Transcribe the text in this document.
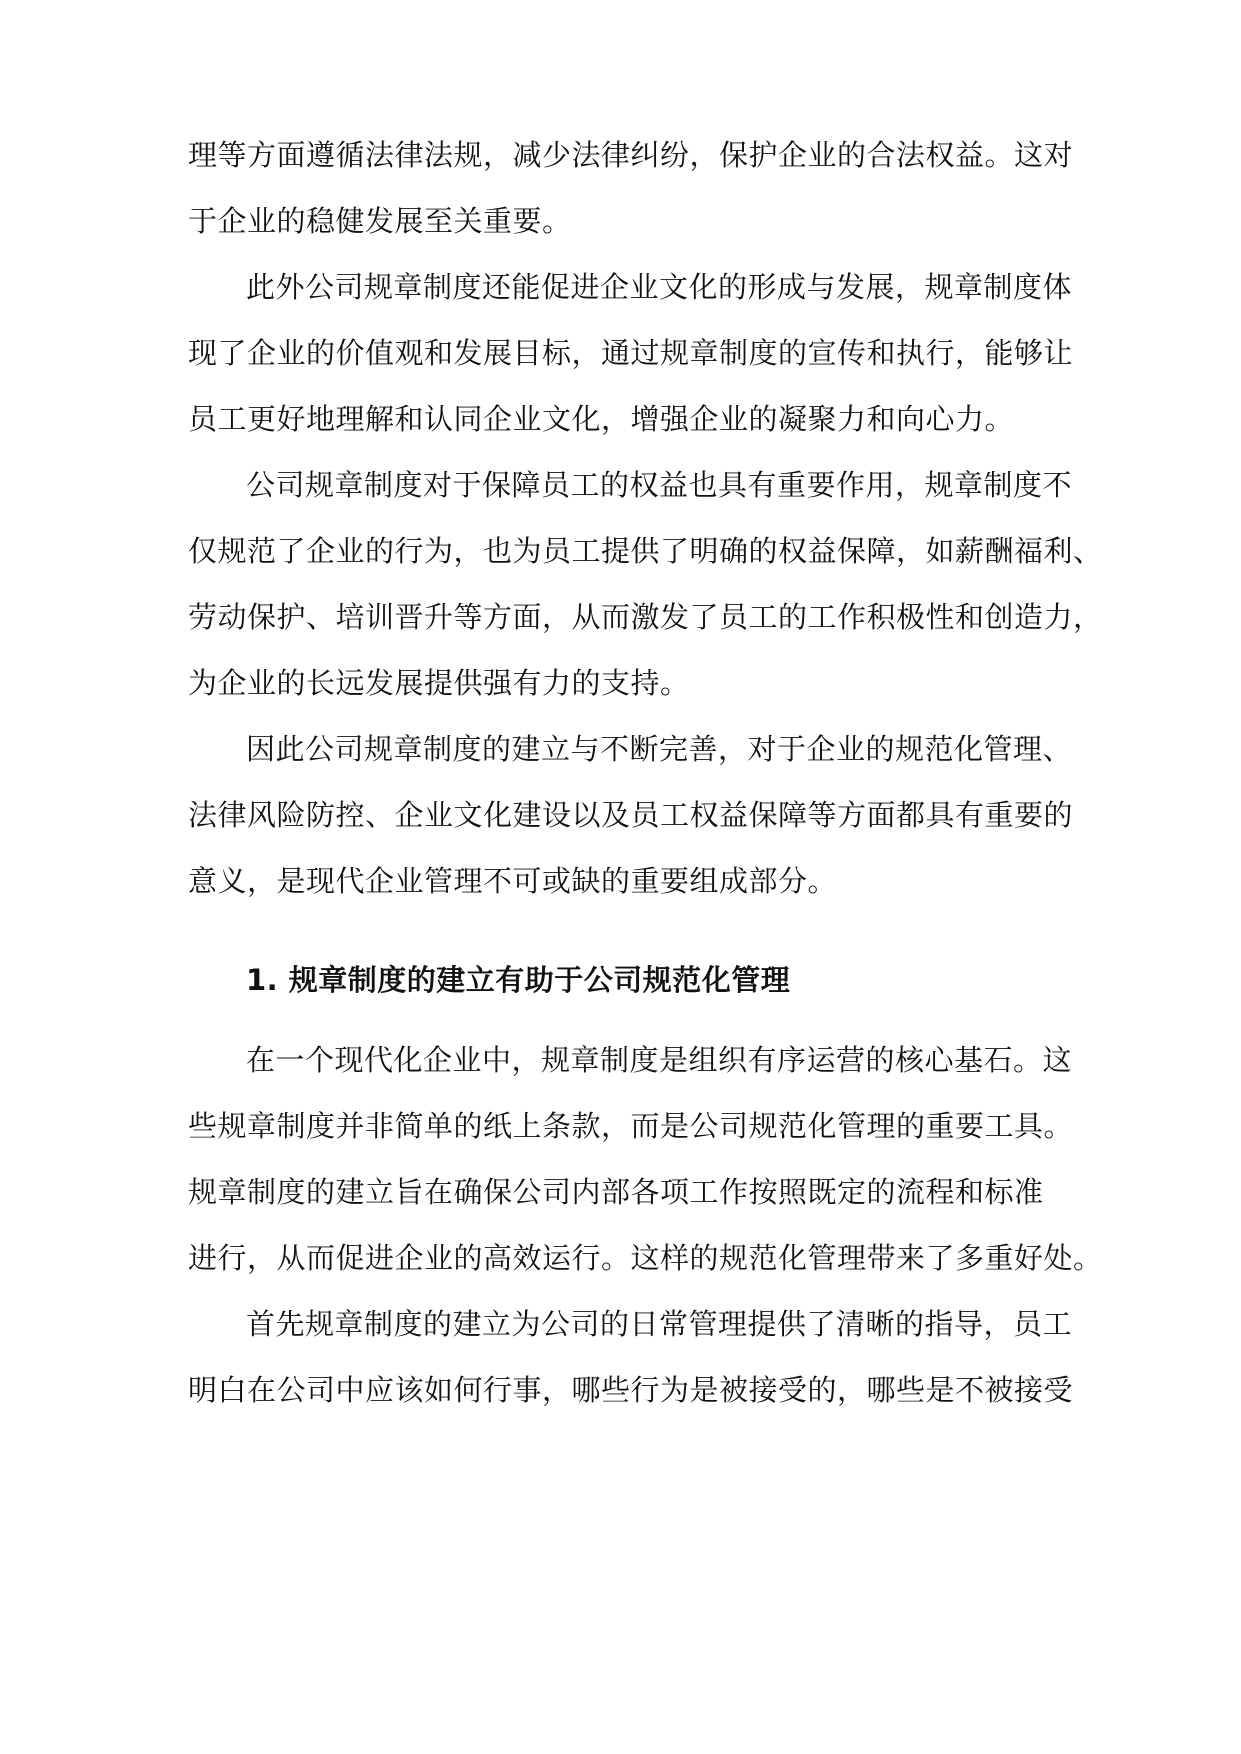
理等方面遵循法律法规，减少法律纠纷，保护企业的合法权益。这对
于企业的稳健发展至关重要。
此外公司规章制度还能促进企业文化的形成与发展，规章制度体
现了企业的价值观和发展目标，通过规章制度的宣传和执行，能够让
员工更好地理解和认同企业文化，增强企业的凝聚力和向心力。
公司规章制度对于保障员工的权益也具有重要作用，规章制度不
仅规范了企业的行为，也为员工提供了明确的权益保障，如薪酬福利、
劳动保护、培训晋升等方面，从而激发了员工的工作积极性和创造力，
为企业的长远发展提供强有力的支持。
因此公司规章制度的建立与不断完善，对于企业的规范化管理、
法律风险防控、企业文化建设以及员工权益保障等方面都具有重要的
意义，是现代企业管理不可或缺的重要组成部分。
1. 规章制度的建立有助于公司规范化管理
在一个现代化企业中，规章制度是组织有序运营的核心基石。这
些规章制度并非简单的纸上条款，而是公司规范化管理的重要工具。
规章制度的建立旨在确保公司内部各项工作按照既定的流程和标准
进行，从而促进企业的高效运行。这样的规范化管理带来了多重好处。
首先规章制度的建立为公司的日常管理提供了清晰的指导，员工
明白在公司中应该如何行事，哪些行为是被接受的，哪些是不被接受
